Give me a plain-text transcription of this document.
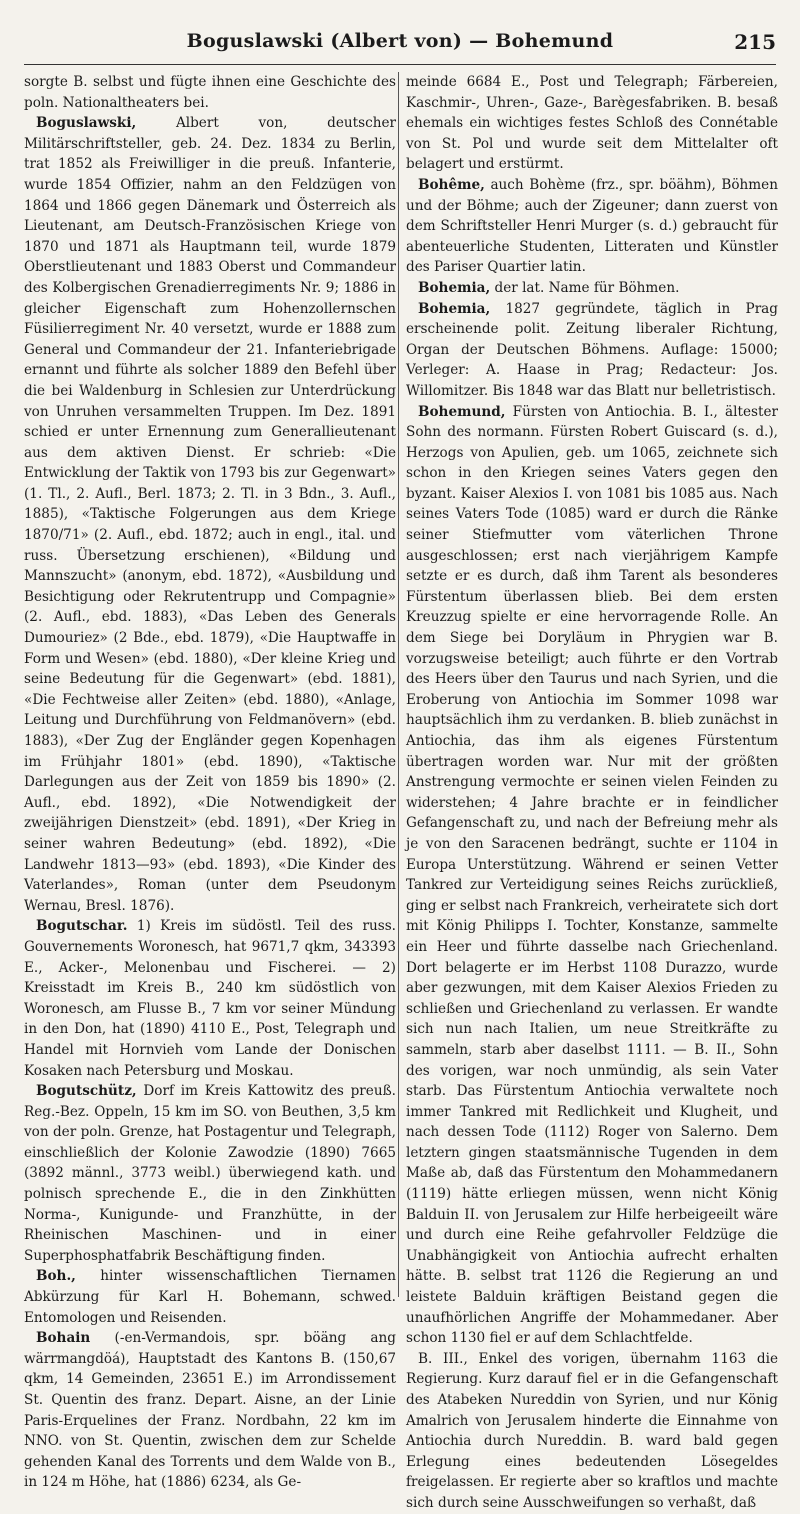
Boguslawski (Albert von) — Bohemund	215

sorgte B. selbst und fügte ihnen eine Geschichte des poln. Nationaltheaters bei.

Boguslawski, Albert von, deutscher Militärschriftsteller, geb. 24. Dez. 1834 zu Berlin, trat 1852 als Freiwilliger in die preuß. Infanterie, wurde 1854 Offizier, nahm an den Feldzügen von 1864 und 1866 gegen Dänemark und Österreich als Lieutenant, am Deutsch-Französischen Kriege von 1870 und 1871 als Hauptmann teil, wurde 1879 Oberstlieutenant und 1883 Oberst und Commandeur des Kolbergischen Grenadierregiments Nr. 9; 1886 in gleicher Eigenschaft zum Hohenzollernschen Füsilierregiment Nr. 40 versetzt, wurde er 1888 zum General und Commandeur der 21. Infanteriebrigade ernannt und führte als solcher 1889 den Befehl über die bei Waldenburg in Schlesien zur Unterdrückung von Unruhen versammelten Truppen. Im Dez. 1891 schied er unter Ernennung zum Generallieutenant aus dem aktiven Dienst. Er schrieb: «Die Entwicklung der Taktik von 1793 bis zur Gegenwart» (1. Tl., 2. Aufl., Berl. 1873; 2. Tl. in 3 Bdn., 3. Aufl., 1885), «Taktische Folgerungen aus dem Kriege 1870/71» (2. Aufl., ebd. 1872; auch in engl., ital. und russ. Übersetzung erschienen), «Bildung und Mannszucht» (anonym, ebd. 1872), «Ausbildung und Besichtigung oder Rekrutentrupp und Compagnie» (2. Aufl., ebd. 1883), «Das Leben des Generals Dumouriez» (2 Bde., ebd. 1879), «Die Hauptwaffe in Form und Wesen» (ebd. 1880), «Der kleine Krieg und seine Bedeutung für die Gegenwart» (ebd. 1881), «Die Fechtweise aller Zeiten» (ebd. 1880), «Anlage, Leitung und Durchführung von Feldmanövern» (ebd. 1883), «Der Zug der Engländer gegen Kopenhagen im Frühjahr 1801» (ebd. 1890), «Taktische Darlegungen aus der Zeit von 1859 bis 1890» (2. Aufl., ebd. 1892), «Die Notwendigkeit der zweijährigen Dienstzeit» (ebd. 1891), «Der Krieg in seiner wahren Bedeutung» (ebd. 1892), «Die Landwehr 1813—93» (ebd. 1893), «Die Kinder des Vaterlandes», Roman (unter dem Pseudonym Wernau, Bresl. 1876).

Bogutschar. 1) Kreis im südöstl. Teil des russ. Gouvernements Woronesch, hat 9671,7 qkm, 343393 E., Acker-, Melonenbau und Fischerei. — 2) Kreisstadt im Kreis B., 240 km südöstlich von Woronesch, am Flusse B., 7 km vor seiner Mündung in den Don, hat (1890) 4110 E., Post, Telegraph und Handel mit Hornvieh vom Lande der Donischen Kosaken nach Petersburg und Moskau.

Bogutschütz, Dorf im Kreis Kattowitz des preuß. Reg.-Bez. Oppeln, 15 km im SO. von Beuthen, 3,5 km von der poln. Grenze, hat Postagentur und Telegraph, einschließlich der Kolonie Zawodzie (1890) 7665 (3892 männl., 3773 weibl.) überwiegend kath. und polnisch sprechende E., die in den Zinkhütten Norma-, Kunigunde- und Franzhütte, in der Rheinischen Maschinen- und in einer Superphosphatfabrik Beschäftigung finden.

Boh., hinter wissenschaftlichen Tiernamen Abkürzung für Karl H. Bohemann, schwed. Entomologen und Reisenden.

Bohain (-en-Vermandois, spr. böäng ang wärrmangdöá), Hauptstadt des Kantons B. (150,67 qkm, 14 Gemeinden, 23651 E.) im Arrondissement St. Quentin des franz. Depart. Aisne, an der Linie Paris-Erquelines der Franz. Nordbahn, 22 km im NNO. von St. Quentin, zwischen dem zur Schelde gehenden Kanal des Torrents und dem Walde von B., in 124 m Höhe, hat (1886) 6234, als Ge-

meinde 6684 E., Post und Telegraph; Färbereien, Kaschmir-, Uhren-, Gaze-, Barègesfabriken. B. besaß ehemals ein wichtiges festes Schloß des Connétable von St. Pol und wurde seit dem Mittelalter oft belagert und erstürmt.

Bohême, auch Bohème (frz., spr. böähm), Böhmen und der Böhme; auch der Zigeuner; dann zuerst von dem Schriftsteller Henri Murger (s. d.) gebraucht für abenteuerliche Studenten, Litteraten und Künstler des Pariser Quartier latin.

Bohemia, der lat. Name für Böhmen.

Bohemia, 1827 gegründete, täglich in Prag erscheinende polit. Zeitung liberaler Richtung, Organ der Deutschen Böhmens. Auflage: 15000; Verleger: A. Haase in Prag; Redacteur: Jos. Willomitzer. Bis 1848 war das Blatt nur belletristisch.

Bohemund, Fürsten von Antiochia. B. I., ältester Sohn des normann. Fürsten Robert Guiscard (s. d.), Herzogs von Apulien, geb. um 1065, zeichnete sich schon in den Kriegen seines Vaters gegen den byzant. Kaiser Alexios I. von 1081 bis 1085 aus. Nach seines Vaters Tode (1085) ward er durch die Ränke seiner Stiefmutter vom väterlichen Throne ausgeschlossen; erst nach vierjährigem Kampfe setzte er es durch, daß ihm Tarent als besonderes Fürstentum überlassen blieb. Bei dem ersten Kreuzzug spielte er eine hervorragende Rolle. An dem Siege bei Doryläum in Phrygien war B. vorzugsweise beteiligt; auch führte er den Vortrab des Heers über den Taurus und nach Syrien, und die Eroberung von Antiochia im Sommer 1098 war hauptsächlich ihm zu verdanken. B. blieb zunächst in Antiochia, das ihm als eigenes Fürstentum übertragen worden war. Nur mit der größten Anstrengung vermochte er seinen vielen Feinden zu widerstehen; 4 Jahre brachte er in feindlicher Gefangenschaft zu, und nach der Befreiung mehr als je von den Saracenen bedrängt, suchte er 1104 in Europa Unterstützung. Während er seinen Vetter Tankred zur Verteidigung seines Reichs zurückließ, ging er selbst nach Frankreich, verheiratete sich dort mit König Philipps I. Tochter, Konstanze, sammelte ein Heer und führte dasselbe nach Griechenland. Dort belagerte er im Herbst 1108 Durazzo, wurde aber gezwungen, mit dem Kaiser Alexios Frieden zu schließen und Griechenland zu verlassen. Er wandte sich nun nach Italien, um neue Streitkräfte zu sammeln, starb aber daselbst 1111. — B. II., Sohn des vorigen, war noch unmündig, als sein Vater starb. Das Fürstentum Antiochia verwaltete noch immer Tankred mit Redlichkeit und Klugheit, und nach dessen Tode (1112) Roger von Salerno. Dem letztern gingen staatsmännische Tugenden in dem Maße ab, daß das Fürstentum den Mohammedanern (1119) hätte erliegen müssen, wenn nicht König Balduin II. von Jerusalem zur Hilfe herbeigeeilt wäre und durch eine Reihe gefahrvoller Feldzüge die Unabhängigkeit von Antiochia aufrecht erhalten hätte. B. selbst trat 1126 die Regierung an und leistete Balduin kräftigen Beistand gegen die unaufhörlichen Angriffe der Mohammedaner. Aber schon 1130 fiel er auf dem Schlachtfelde.

B. III., Enkel des vorigen, übernahm 1163 die Regierung. Kurz darauf fiel er in die Gefangenschaft des Atabeken Nureddin von Syrien, und nur König Amalrich von Jerusalem hinderte die Einnahme von Antiochia durch Nureddin. B. ward bald gegen Erlegung eines bedeutenden Lösegeldes freigelassen. Er regierte aber so kraftlos und machte sich durch seine Ausschweifungen so verhaßt, daß
